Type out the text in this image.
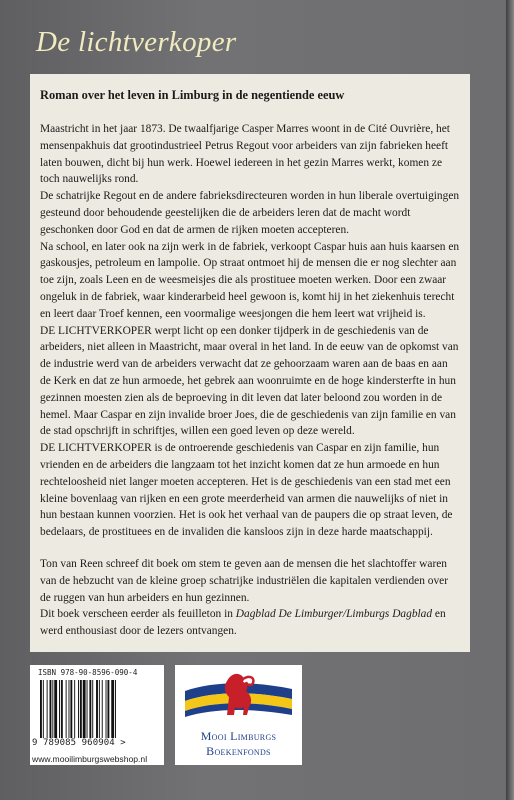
De lichtverkoper
Roman over het leven in Limburg in de negentiende eeuw

Maastricht in het jaar 1873. De twaalfjarige Casper Marres woont in de Cité Ouvrière, het mensenpakhuis dat grootindustrieel Petrus Regout voor arbeiders van zijn fabrieken heeft laten bouwen, dicht bij hun werk. Hoewel iedereen in het gezin Marres werkt, komen ze toch nauwelijks rond.

De schatrijke Regout en de andere fabrieksdirecteuren worden in hun liberale overtuigingen gesteund door behoudende geestelijken die de arbeiders leren dat de macht wordt geschonken door God en dat de armen de rijken moeten accepteren.

Na school, en later ook na zijn werk in de fabriek, verkoopt Caspar huis aan huis kaarsen en gaskousjes, petroleum en lampolie. Op straat ontmoet hij de mensen die er nog slechter aan toe zijn, zoals Leen en de weesmeisjes die als prostituee moeten werken. Door een zwaar ongeluk in de fabriek, waar kinderarbeid heel gewoon is, komt hij in het ziekenhuis terecht en leert daar Troef kennen, een voormalige weesjongen die hem leert wat vrijheid is.

DE LICHTVERKOPER werpt licht op een donker tijdperk in de geschiedenis van de arbeiders, niet alleen in Maastricht, maar overal in het land. In de eeuw van de opkomst van de industrie werd van de arbeiders verwacht dat ze gehoorzaam waren aan de baas en aan de Kerk en dat ze hun armoede, het gebrek aan woonruimte en de hoge kindersterfte in hun gezinnen moesten zien als de beproeving in dit leven dat later beloond zou worden in de hemel. Maar Caspar en zijn invalide broer Joes, die de geschiedenis van zijn familie en van de stad opschrijft in schriftjes, willen een goed leven op deze wereld.

DE LICHTVERKOPER is de ontroerende geschiedenis van Caspar en zijn familie, hun vrienden en de arbeiders die langzaam tot het inzicht komen dat ze hun armoede en hun rechteloosheid niet langer moeten accepteren. Het is de geschiedenis van een stad met een kleine bovenlaag van rijken en een grote meerderheid van armen die nauwelijks of niet in hun bestaan kunnen voorzien. Het is ook het verhaal van de paupers die op straat leven, de bedelaars, de prostituees en de invaliden die kansloos zijn in deze harde maatschappij.

Ton van Reen schreef dit boek om stem te geven aan de mensen die het slachtoffer waren van de hebzucht van de kleine groep schatrijke industriëlen die kapitalen verdienden over de ruggen van hun arbeiders en hun gezinnen.

Dit boek verscheen eerder als feuilleton in Dagblad De Limburger/Limburgs Dagblad en werd enthousiast door de lezers ontvangen.

ISBN 978-90-8596-090-4
9 789085 960904 >
www.mooilimburgswebshop.nl
Mooi Limburgs
Boekenfonds
